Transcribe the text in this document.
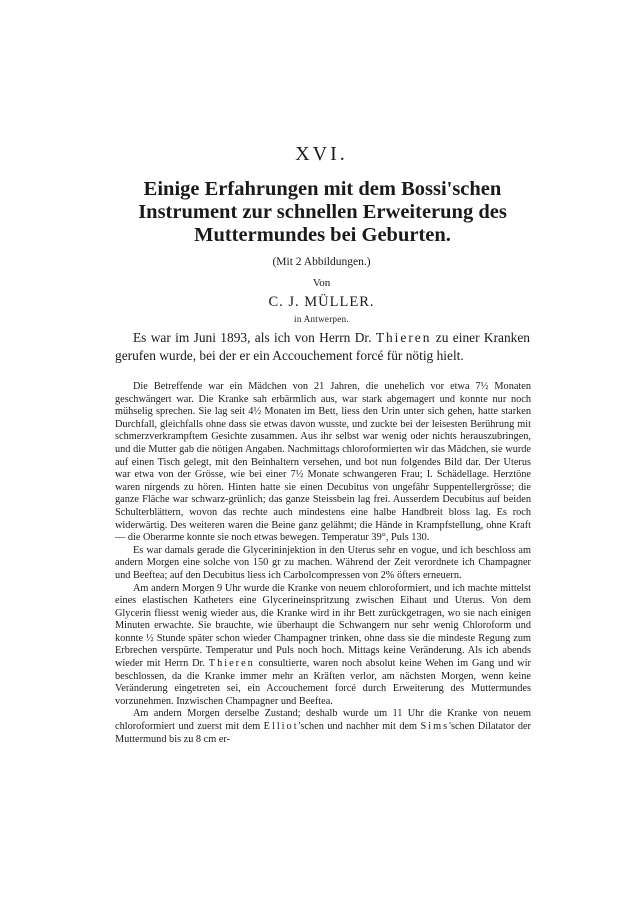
XVI.
Einige Erfahrungen mit dem Bossi'schen Instrument zur schnellen Erweiterung des Muttermundes bei Geburten.
(Mit 2 Abbildungen.)
Von
C. J. MÜLLER.
in Antwerpen.

Es war im Juni 1893, als ich von Herrn Dr. Thieren zu einer Kranken gerufen wurde, bei der er ein Accouchement forcé für nötig hielt.

Die Betreffende war ein Mädchen von 21 Jahren, die unehelich vor etwa 7½ Monaten geschwängert war. Die Kranke sah erbärmlich aus, war stark abgemagert und konnte nur noch mühselig sprechen. Sie lag seit 4½ Monaten im Bett, liess den Urin unter sich gehen, hatte starken Durchfall, gleichfalls ohne dass sie etwas davon wusste, und zuckte bei der leisesten Berührung mit schmerzverkrampftem Gesichte zusammen. Aus ihr selbst war wenig oder nichts herauszubringen, und die Mutter gab die nötigen Angaben. Nachmittags chloroformierten wir das Mädchen, sie wurde auf einen Tisch gelegt, mit den Beinhaltern versehen, und bot nun folgendes Bild dar. Der Uterus war etwa von der Grösse, wie bei einer 7½ Monate schwangeren Frau; I. Schädellage. Herztöne waren nirgends zu hören. Hinten hatte sie einen Decubitus von ungefähr Suppentellergrösse; die ganze Fläche war schwarz-grünlich; das ganze Steissbein lag frei. Ausserdem Decubitus auf beiden Schulterblättern, wovon das rechte auch mindestens eine halbe Handbreit bloss lag. Es roch widerwärtig. Des weiteren waren die Beine ganz gelähmt; die Hände in Krampfstellung, ohne Kraft — die Oberarme konnte sie noch etwas bewegen. Temperatur 39°, Puls 130.

Es war damals gerade die Glycerininjektion in den Uterus sehr en vogue, und ich beschloss am andern Morgen eine solche von 150 gr zu machen. Während der Zeit verordnete ich Champagner und Beeftea; auf den Decubitus liess ich Carbolcompressen von 2% öfters erneuern.

Am andern Morgen 9 Uhr wurde die Kranke von neuem chloroformiert, und ich machte mittelst eines elastischen Katheters eine Glycerineinspritzung zwischen Eihaut und Uterus. Von dem Glycerin fliesst wenig wieder aus, die Kranke wird in ihr Bett zurückgetragen, wo sie nach einigen Minuten erwachte. Sie brauchte, wie überhaupt die Schwangern nur sehr wenig Chloroform und konnte ½ Stunde später schon wieder Champagner trinken, ohne dass sie die mindeste Regung zum Erbrechen verspürte. Temperatur und Puls noch hoch. Mittags keine Veränderung. Als ich abends wieder mit Herrn Dr. Thieren consultierte, waren noch absolut keine Wehen im Gang und wir beschlossen, da die Kranke immer mehr an Kräften verlor, am nächsten Morgen, wenn keine Veränderung eingetreten sei, ein Accouchement forcé durch Erweiterung des Muttermundes vorzunehmen. Inzwischen Champagner und Beeftea.

Am andern Morgen derselbe Zustand; deshalb wurde um 11 Uhr die Kranke von neuem chloroformiert und zuerst mit dem Elliot'schen und nachher mit dem Sims'schen Dilatator der Muttermund bis zu 8 cm er-
